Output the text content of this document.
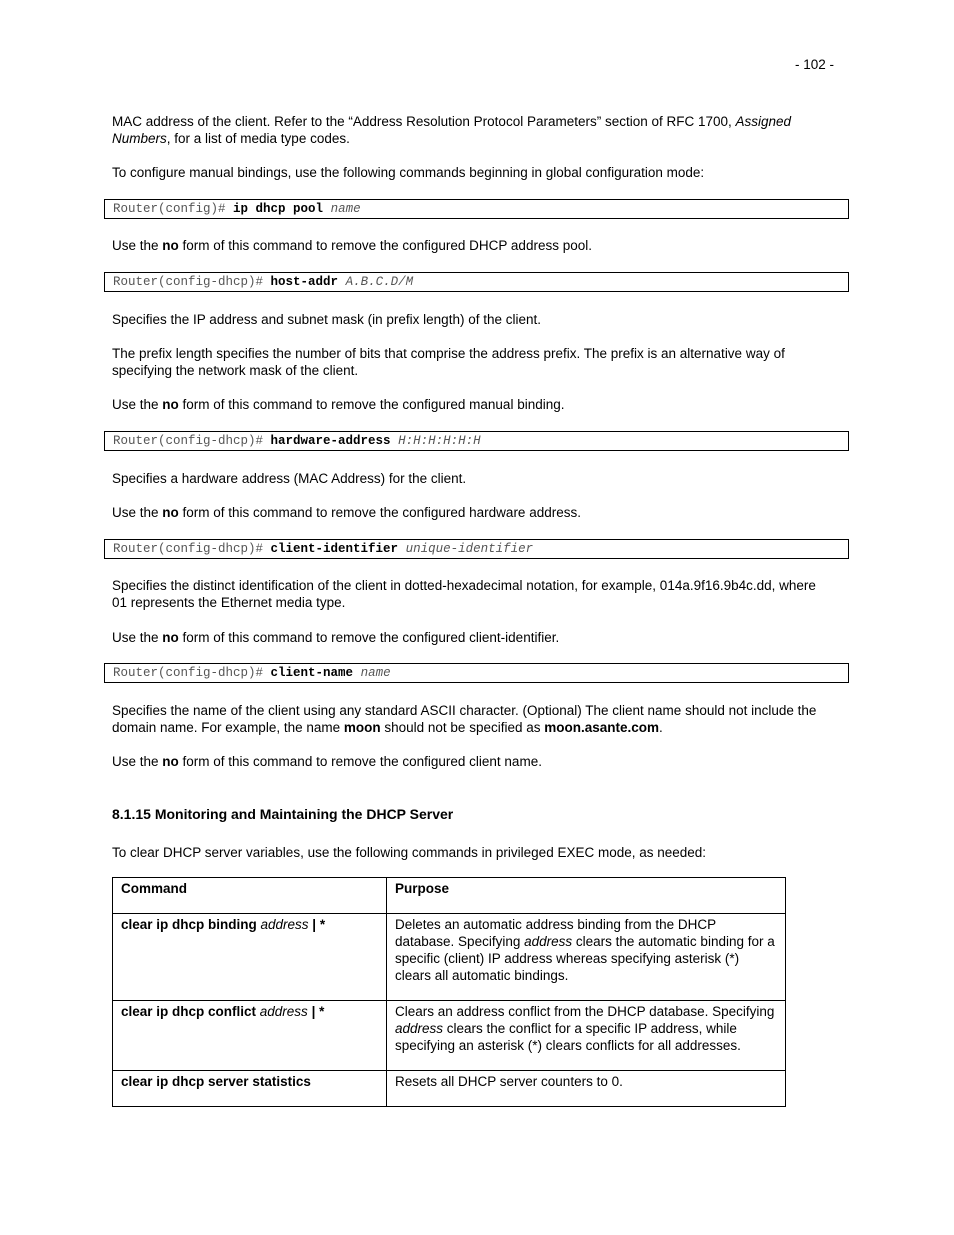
- 102 -
MAC address of the client. Refer to the “Address Resolution Protocol Parameters” section of RFC 1700, Assigned Numbers, for a list of media type codes.
To configure manual bindings, use the following commands beginning in global configuration mode:
Router(config)# ip dhcp pool name
Use the no form of this command to remove the configured DHCP address pool.
Router(config-dhcp)# host-addr A.B.C.D/M
Specifies the IP address and subnet mask (in prefix length) of the client.
The prefix length specifies the number of bits that comprise the address prefix. The prefix is an alternative way of specifying the network mask of the client.
Use the no form of this command to remove the configured manual binding.
Router(config-dhcp)# hardware-address H:H:H:H:H:H
Specifies a hardware address (MAC Address) for the client.
Use the no form of this command to remove the configured hardware address.
Router(config-dhcp)# client-identifier unique-identifier
Specifies the distinct identification of the client in dotted-hexadecimal notation, for example, 014a.9f16.9b4c.dd, where 01 represents the Ethernet media type.
Use the no form of this command to remove the configured client-identifier.
Router(config-dhcp)# client-name name
Specifies the name of the client using any standard ASCII character. (Optional) The client name should not include the domain name. For example, the name moon should not be specified as moon.asante.com.
Use the no form of this command to remove the configured client name.
8.1.15 Monitoring and Maintaining the DHCP Server
To clear DHCP server variables, use the following commands in privileged EXEC mode, as needed:
Command	Purpose
clear ip dhcp binding address | *	Deletes an automatic address binding from the DHCP database. Specifying address clears the automatic binding for a specific (client) IP address whereas specifying asterisk (*) clears all automatic bindings.
clear ip dhcp conflict address | *	Clears an address conflict from the DHCP database. Specifying address clears the conflict for a specific IP address, while specifying an asterisk (*) clears conflicts for all addresses.
clear ip dhcp server statistics	Resets all DHCP server counters to 0.
